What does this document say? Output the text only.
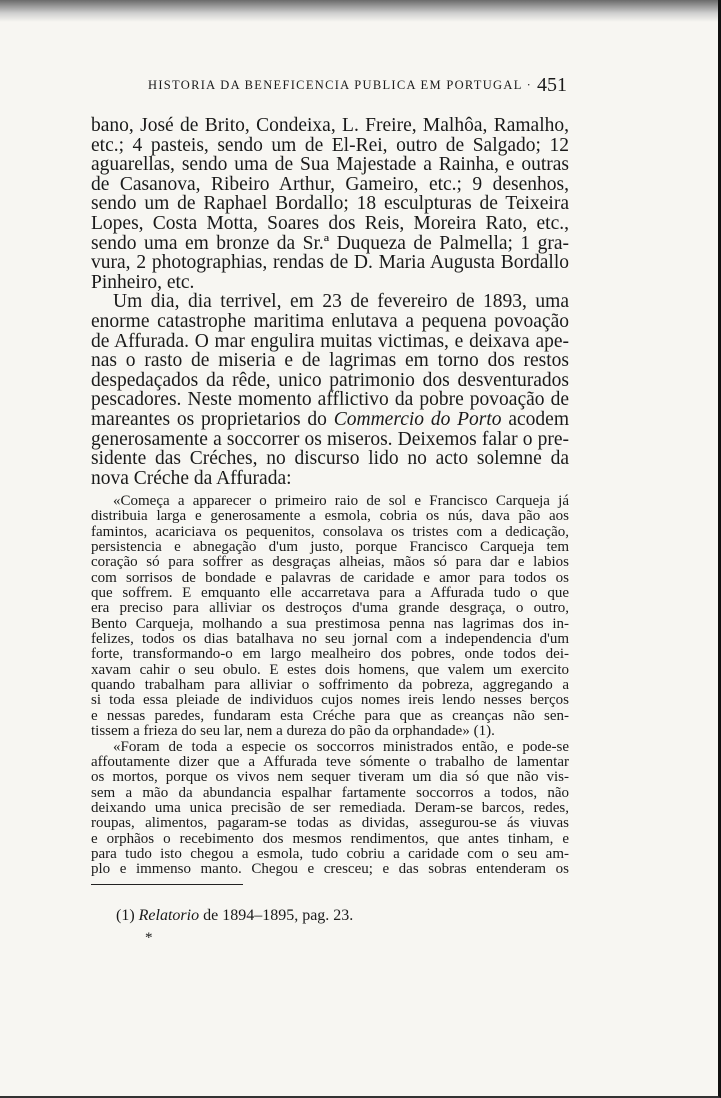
HISTORIA DA BENEFICENCIA PUBLICA EM PORTUGAL · 451
bano, José de Brito, Condeixa, L. Freire, Malhôa, Ramalho,
etc.; 4 pasteis, sendo um de El-Rei, outro de Salgado; 12
aguarellas, sendo uma de Sua Majestade a Rainha, e outras
de Casanova, Ribeiro Arthur, Gameiro, etc.; 9 desenhos,
sendo um de Raphael Bordallo; 18 esculpturas de Teixeira
Lopes, Costa Motta, Soares dos Reis, Moreira Rato, etc.,
sendo uma em bronze da Sr.ª Duqueza de Palmella; 1 gra-
vura, 2 photographias, rendas de D. Maria Augusta Bordallo
Pinheiro, etc.
Um dia, dia terrivel, em 23 de fevereiro de 1893, uma
enorme catastrophe maritima enlutava a pequena povoação
de Affurada. O mar engulira muitas victimas, e deixava ape-
nas o rasto de miseria e de lagrimas em torno dos restos
despedaçados da rêde, unico patrimonio dos desventurados
pescadores. Neste momento afflictivo da pobre povoação de
mareantes os proprietarios do Commercio do Porto acodem
generosamente a soccorrer os miseros. Deixemos falar o pre-
sidente das Créches, no discurso lido no acto solemne da
nova Créche da Affurada:
«Começa a apparecer o primeiro raio de sol e Francisco Carqueja já
distribuia larga e generosamente a esmola, cobria os nús, dava pão aos
famintos, acariciava os pequenitos, consolava os tristes com a dedicação,
persistencia e abnegação d'um justo, porque Francisco Carqueja tem
coração só para soffrer as desgraças alheias, mãos só para dar e labios
com sorrisos de bondade e palavras de caridade e amor para todos os
que soffrem. E emquanto elle accarretava para a Affurada tudo o que
era preciso para alliviar os destroços d'uma grande desgraça, o outro,
Bento Carqueja, molhando a sua prestimosa penna nas lagrimas dos in-
felizes, todos os dias batalhava no seu jornal com a independencia d'um
forte, transformando-o em largo mealheiro dos pobres, onde todos dei-
xavam cahir o seu obulo. E estes dois homens, que valem um exercito
quando trabalham para alliviar o soffrimento da pobreza, aggregando a
si toda essa pleiade de individuos cujos nomes ireis lendo nesses berços
e nessas paredes, fundaram esta Créche para que as creanças não sen-
tissem a frieza do seu lar, nem a dureza do pão da orphandade» (1).
«Foram de toda a especie os soccorros ministrados então, e pode-se
affoutamente dizer que a Affurada teve sómente o trabalho de lamentar
os mortos, porque os vivos nem sequer tiveram um dia só que não vis-
sem a mão da abundancia espalhar fartamente soccorros a todos, não
deixando uma unica precisão de ser remediada. Deram-se barcos, redes,
roupas, alimentos, pagaram-se todas as dividas, assegurou-se ás viuvas
e orphãos o recebimento dos mesmos rendimentos, que antes tinham, e
para tudo isto chegou a esmola, tudo cobriu a caridade com o seu am-
plo e immenso manto. Chegou e cresceu; e das sobras entenderam os
(1) Relatorio de 1894–1895, pag. 23.
*
